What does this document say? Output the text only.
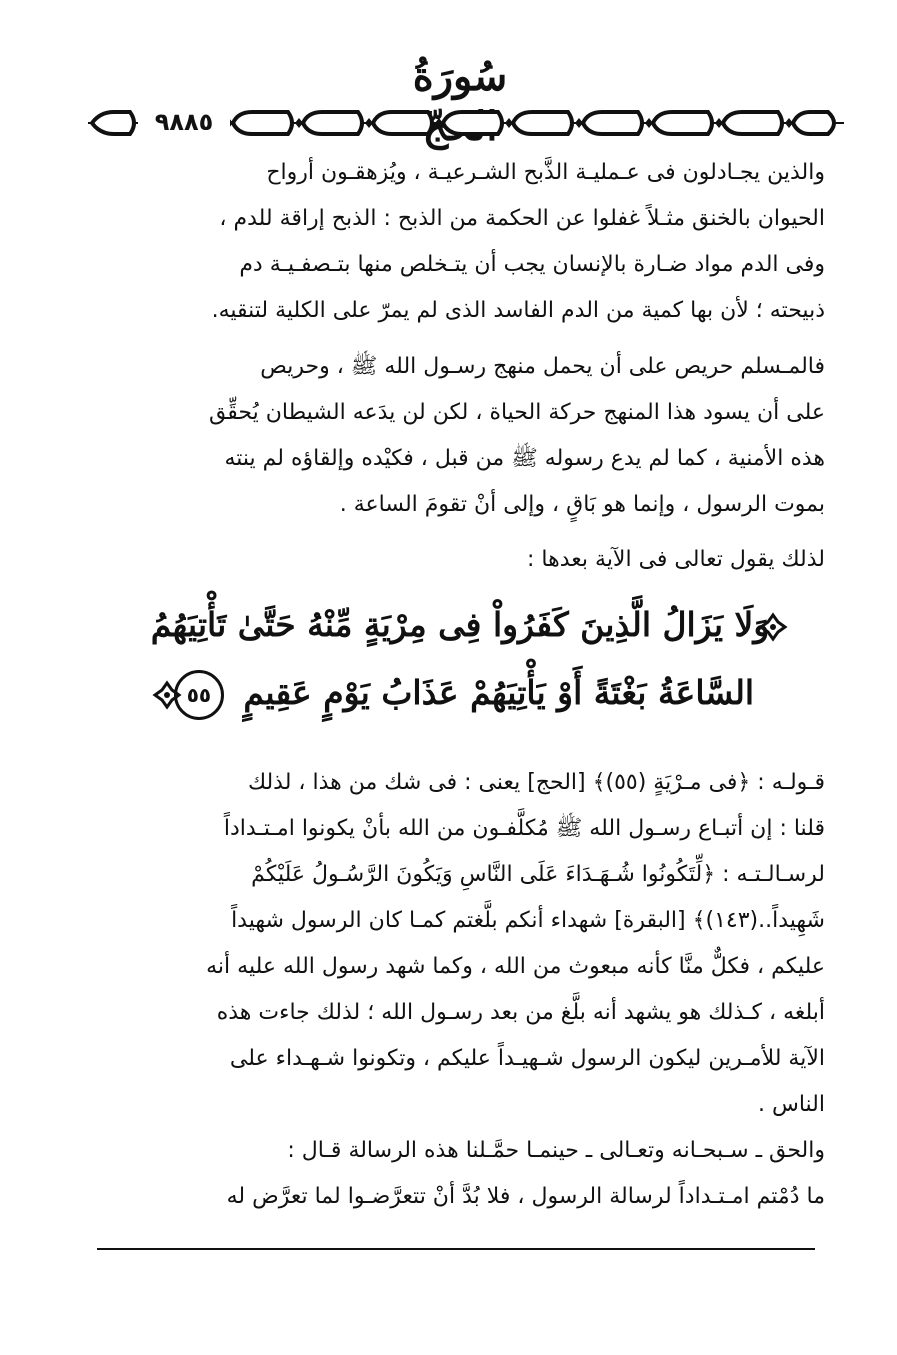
سُورَةُ
٩٨٨٥
والذين يجـادلون فى عـمليـة الذَّبح الشـرعيـة ، ويُزهقـون أرواح
الحيوان بالخنق مثـلاً غفلوا عن الحكمة من الذبح : الذبح إراقة للدم ،
وفى الدم مواد ضـارة بالإنسان يجب أن يتـخلص منها بتـصفـيـة دم
ذبيحته ؛ لأن بها كمية من الدم الفاسد الذى لم يمرّ على الكلية لتنقيه.
فالمـسلم حريص على أن يحمل منهج رسـول الله ﷺ ، وحريص
على أن يسود هذا المنهج حركة الحياة ، لكن لن يدَعه الشيطان يُحقِّق
هذه الأمنية ، كما لم يدع رسوله ﷺ من قبل ، فكيْده وإلقاؤه لم ينته
بموت الرسول ، وإنما هو بَاقٍ ، وإلى أنْ تقومَ الساعة .
لذلك يقول تعالى فى الآية بعدها :
وَلَا يَزَالُ الَّذِينَ كَفَرُواْ فِى مِرْيَةٍ مِّنْهُ حَتَّىٰ تَأْتِيَهُمُ
السَّاعَةُ بَغْتَةً أَوْ يَأْتِيَهُمْ عَذَابُ يَوْمٍ عَقِيمٍ ٥٥
قـولـه : ﴿فى مـرْيَةٍ (٥٥)﴾ [الحج] يعنى : فى شك من هذا ، لذلك
قلنا : إن أتبـاع رسـول الله ﷺ مُكلَّفـون من الله بأنْ يكونوا امـتـداداً
لرسـالـتـه : ﴿لِّتَكُونُوا شُـهَـدَاءَ عَلَى النَّاسِ وَيَكُونَ الرَّسُـولُ عَلَيْكُمْ
شَهِيداً..(١٤٣)﴾ [البقرة] شهداء أنكم بلَّغتم كمـا كان الرسول شهيداً
عليكم ، فكلٌّ منَّا كأنه مبعوث من الله ، وكما شهد رسول الله عليه أنه
أبلغه ، كـذلك هو يشهد أنه بلَّغ من بعد رسـول الله ؛ لذلك جاءت هذه
الآية للأمـرين ليكون الرسول شـهيـداً عليكم ، وتكونوا شـهـداء على
الناس .
والحق ـ سـبحـانه وتعـالى ـ حينمـا حمَّـلنا هذه الرسالة قـال :
ما دُمْتم امـتـداداً لرسالة الرسول ، فلا بُدَّ أنْ تتعرَّضـوا لما تعرَّض له
